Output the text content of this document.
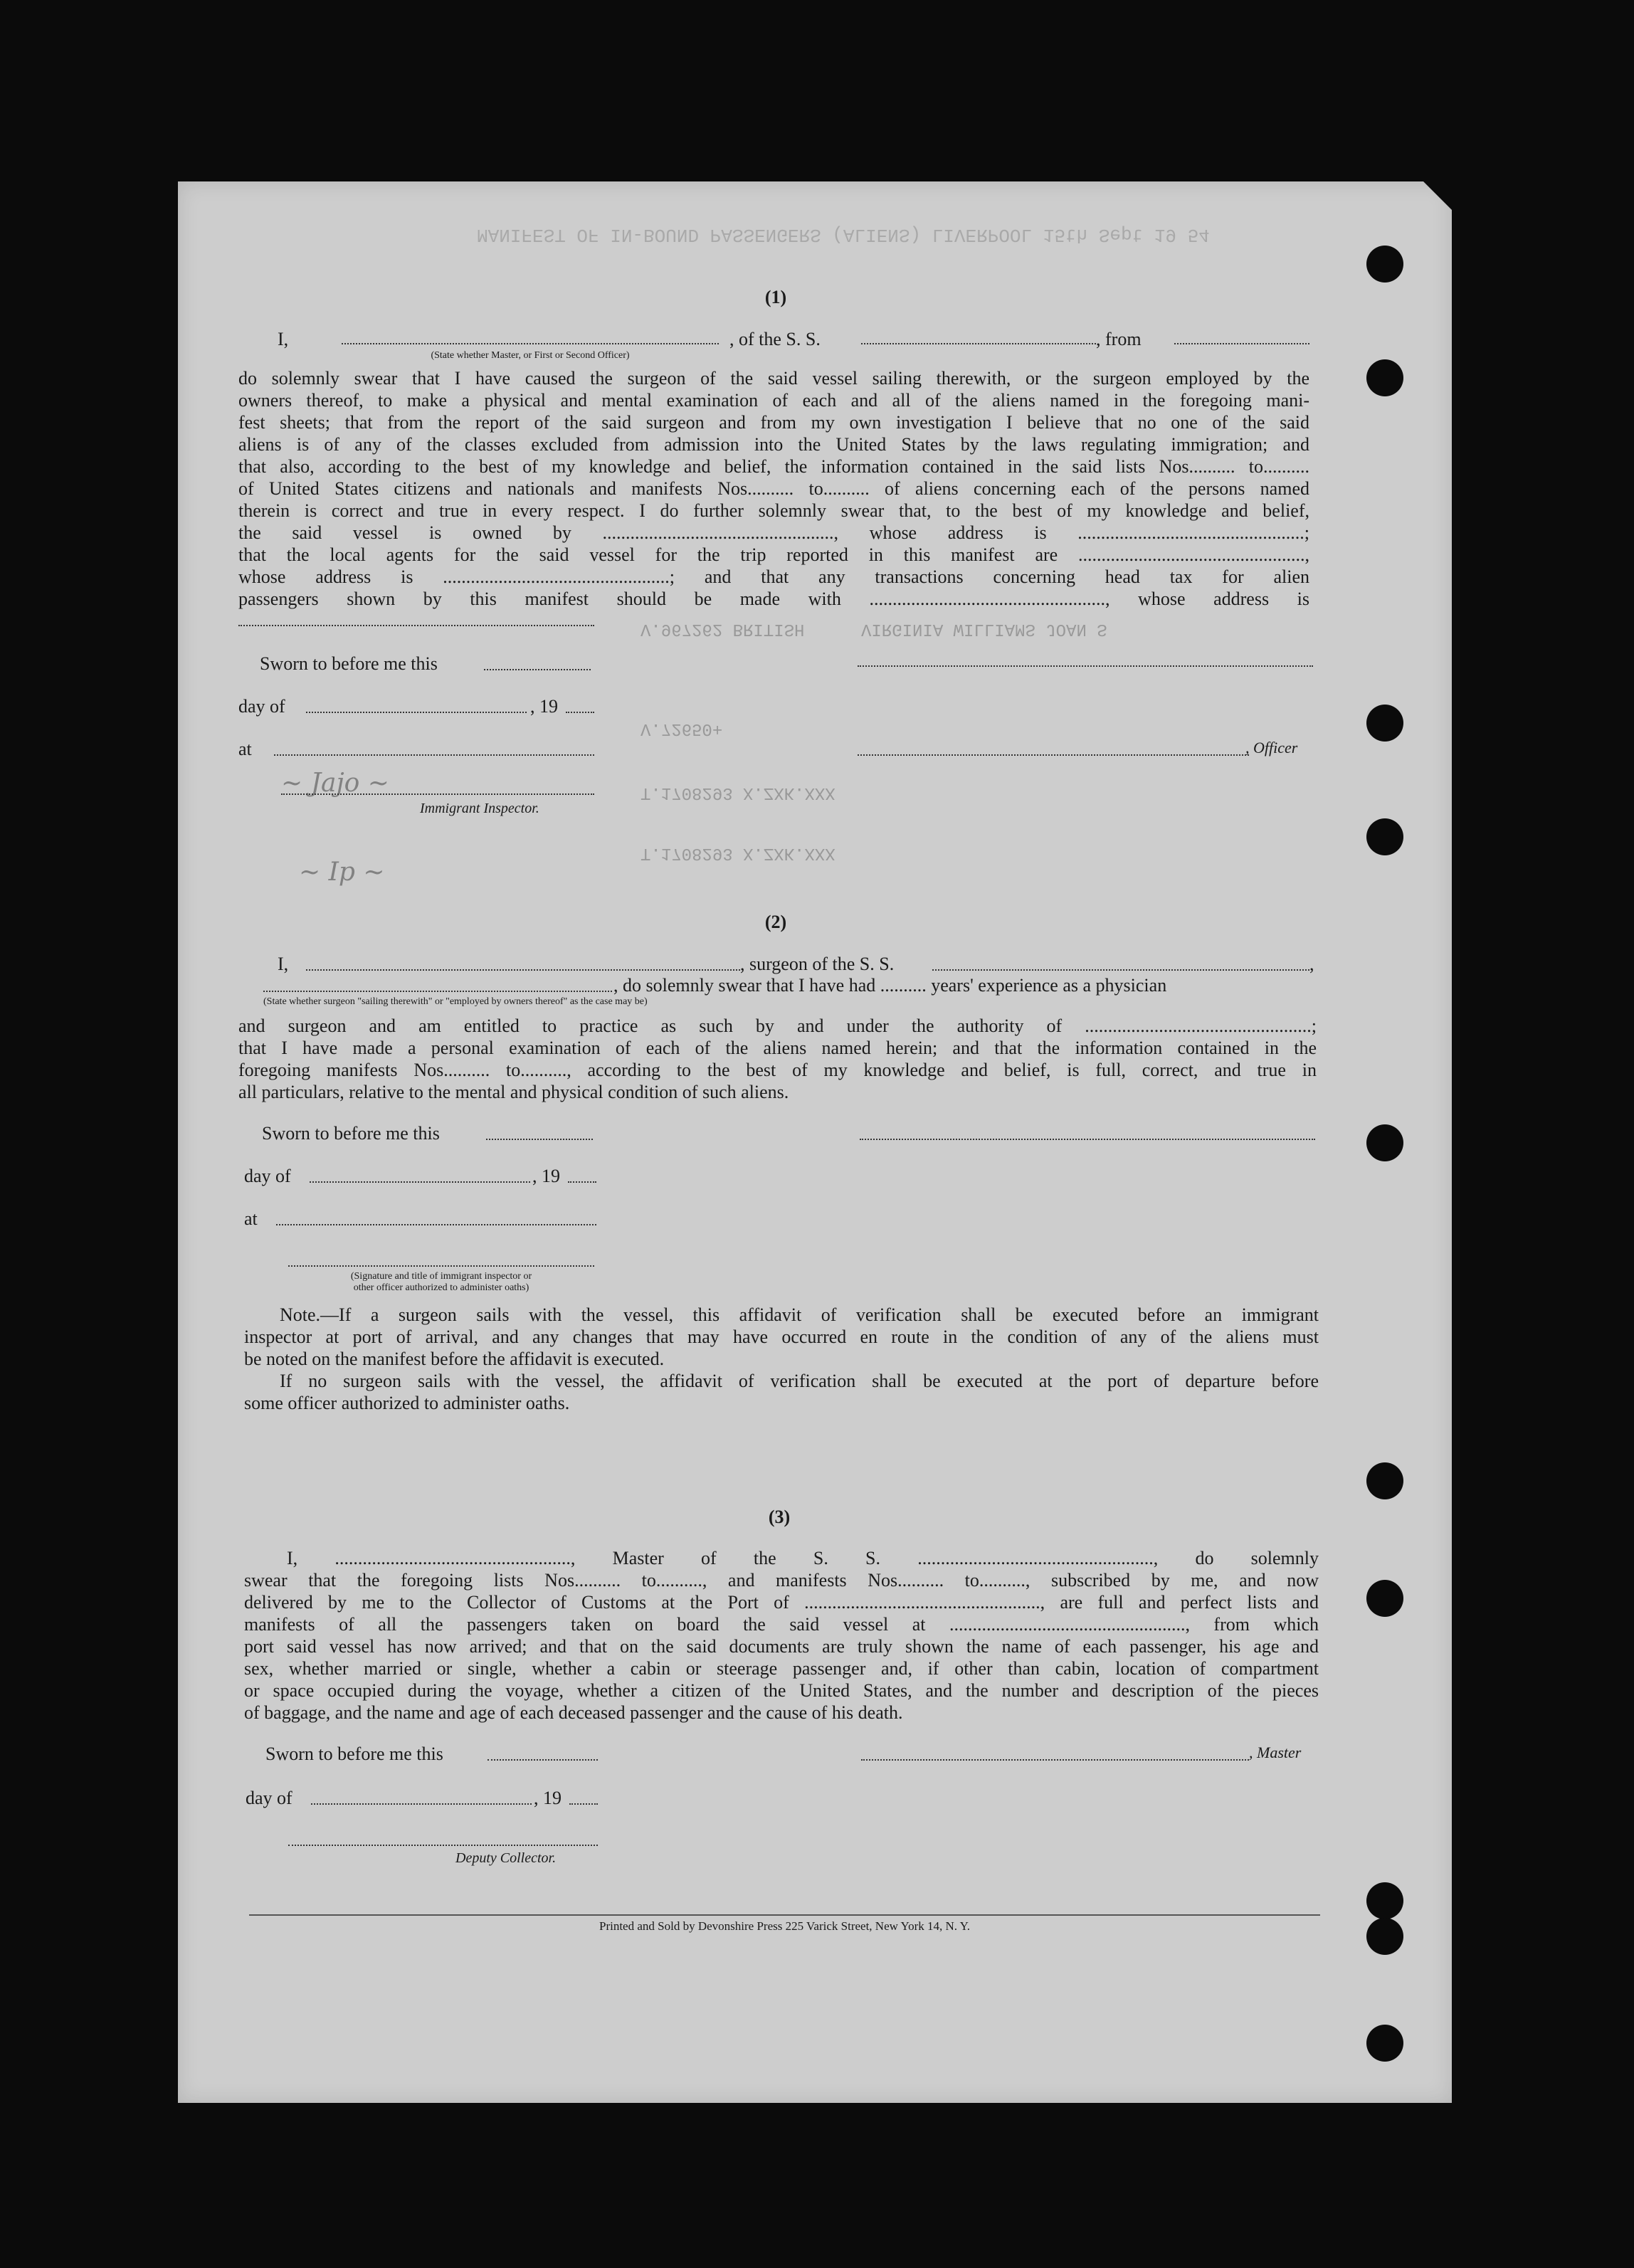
MANIFEST OF IN-BOUND PASSENGERS (ALIENS) LIVERPOOL 15th Sept 19 54
V.967262 BRITISH
V.72650+
T.1708293 X.ZXK.XXX
T.1708293 X.ZXK.XXX
VIRGINIA WILLIAMS JOAN S
~ Jajo ~
~ Ip ~
(1)
I,	, of the S. S.	, from
(State whether Master, or First or Second Officer)

do solemnly swear that I have caused the surgeon of the said vessel sailing therewith, or the surgeon employed by the

owners thereof, to make a physical and mental examination of each and all of the aliens named in the foregoing mani-

fest sheets; that from the report of the said surgeon and from my own investigation I believe that no one of the said

aliens is of any of the classes excluded from admission into the United States by the laws regulating immigration; and

that also, according to the best of my knowledge and belief, the information contained in the said lists Nos.......... to..........

of United States citizens and nationals and manifests Nos.......... to.......... of aliens concerning each of the persons named

therein is correct and true in every respect. I do further solemnly swear that, to the best of my knowledge and belief,

the said vessel is owned by .................................................., whose address is .................................................;

that the local agents for the said vessel for the trip reported in this manifest are .................................................,

whose address is .................................................; and that any transactions concerning head tax for alien

passengers shown by this manifest should be made with ..................................................., whose address is

Sworn to before me this
day of	, 19
at	, Officer
Immigrant Inspector.
(2)
I,	, surgeon of the S. S.	,
, do solemnly swear that I have had .......... years' experience as a physician
(State whether surgeon "sailing therewith" or "employed by owners thereof" as the case may be)

and surgeon and am entitled to practice as such by and under the authority of .................................................;

that I have made a personal examination of each of the aliens named herein; and that the information contained in the

foregoing manifests Nos.......... to.........., according to the best of my knowledge and belief, is full, correct, and true in

all particulars, relative to the mental and physical condition of such aliens.

Sworn to before me this
day of	, 19
at
(Signature and title of immigrant inspector or
other officer authorized to administer oaths)

Note.—If a surgeon sails with the vessel, this affidavit of verification shall be executed before an immigrant

inspector at port of arrival, and any changes that may have occurred en route in the condition of any of the aliens must

be noted on the manifest before the affidavit is executed.

If no surgeon sails with the vessel, the affidavit of verification shall be executed at the port of departure before

some officer authorized to administer oaths.

(3)

I, ..................................................., Master of the S. S. ..................................................., do solemnly

swear that the foregoing lists Nos.......... to.........., and manifests Nos.......... to.........., subscribed by me, and now

delivered by me to the Collector of Customs at the Port of ..................................................., are full and perfect lists and

manifests of all the passengers taken on board the said vessel at ..................................................., from which

port said vessel has now arrived; and that on the said documents are truly shown the name of each passenger, his age and

sex, whether married or single, whether a cabin or steerage passenger and, if other than cabin, location of compartment

or space occupied during the voyage, whether a citizen of the United States, and the number and description of the pieces

of baggage, and the name and age of each deceased passenger and the cause of his death.

Sworn to before me this	, Master
day of	, 19
Deputy Collector.
Printed and Sold by Devonshire Press 225 Varick Street, New York 14, N. Y.
